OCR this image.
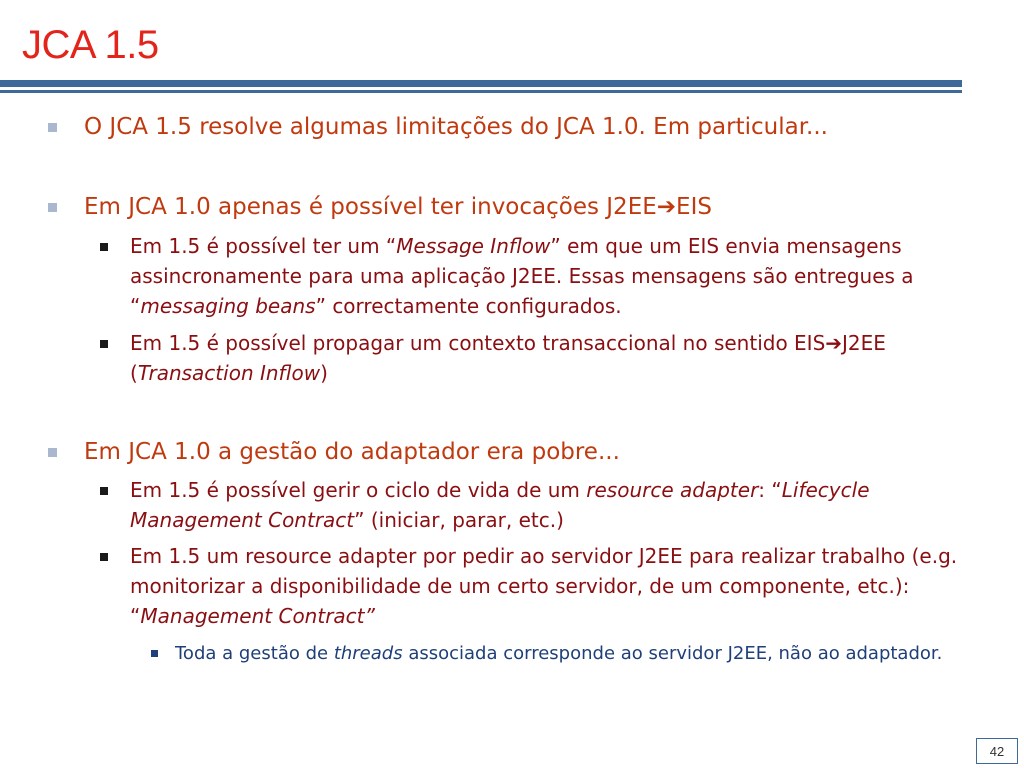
JCA 1.5
O JCA 1.5 resolve algumas limitações do JCA 1.0. Em particular...
Em JCA 1.0 apenas é possível ter invocações J2EE➔EIS
Em 1.5 é possível ter um “Message Inflow” em que um EIS envia mensagens assincronamente para uma aplicação J2EE. Essas mensagens são entregues a “messaging beans” correctamente configurados.
Em 1.5 é possível propagar um contexto transaccional no sentido EIS➔J2EE (Transaction Inflow)
Em JCA 1.0 a gestão do adaptador era pobre...
Em 1.5 é possível gerir o ciclo de vida de um resource adapter: “Lifecycle Management Contract” (iniciar, parar, etc.)
Em 1.5 um resource adapter por pedir ao servidor J2EE para realizar trabalho (e.g. monitorizar a disponibilidade de um certo servidor, de um componente, etc.): “Management Contract”
Toda a gestão de threads associada corresponde ao servidor J2EE, não ao adaptador.
42
